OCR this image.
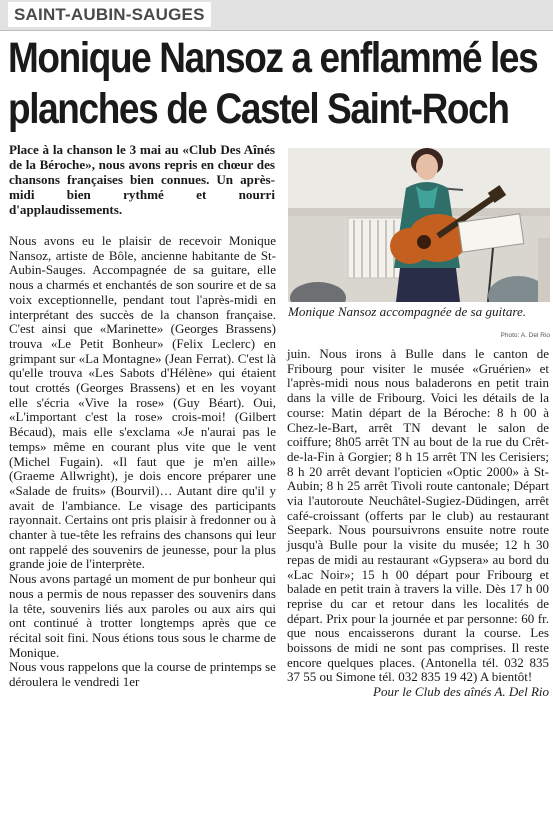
SAINT-AUBIN-SAUGES
Monique Nansoz a enflammé les
planches de Castel Saint-Roch
Place à la chanson le 3 mai au «Club Des Aînés de la Béroche», nous avons repris en chœur des chansons françaises bien connues. Un après-midi bien rythmé et nourri d'applaudissements.

Nous avons eu le plaisir de recevoir Monique Nansoz, artiste de Bôle, ancienne habitante de St-Aubin-Sauges. Accompagnée de sa guitare, elle nous a charmés et enchantés de son sourire et de sa voix exceptionnelle, pendant tout l'après-midi en interprétant des succès de la chanson française. C'est ainsi que «Marinette» (Georges Brassens) trouva «Le Petit Bonheur» (Felix Leclerc) en grimpant sur «La Montagne» (Jean Ferrat). C'est là qu'elle trouva «Les Sabots d'Hélène» qui étaient tout crottés (Georges Brassens) et en les voyant elle s'écria «Vive la rose» (Guy Béart). Oui, «L'important c'est la rose» crois-moi! (Gilbert Bécaud), mais elle s'exclama «Je n'aurai pas le temps» même en courant plus vite que le vent (Michel Fugain). «Il faut que je m'en aille» (Graeme Allwright), je dois encore préparer une «Salade de fruits» (Bourvil)… Autant dire qu'il y avait de l'ambiance. Le visage des participants rayonnait. Certains ont pris plaisir à fredonner ou à chanter à tue-tête les refrains des chansons qui leur ont rappelé des souvenirs de jeunesse, pour la plus grande joie de l'interprète.

Nous avons partagé un moment de pur bonheur qui nous a permis de nous repasser des souvenirs dans la tête, souvenirs liés aux paroles ou aux airs qui ont continué à trotter longtemps après que ce récital soit fini. Nous étions tous sous le charme de Monique.

Nous vous rappelons que la course de printemps se déroulera le vendredi 1er

Monique Nansoz accompagnée de sa guitare.
Photo: A. Del Rio

juin. Nous irons à Bulle dans le canton de Fribourg pour visiter le musée «Gruérien» et l'après-midi nous nous baladerons en petit train dans la ville de Fribourg. Voici les détails de la course: Matin départ de la Béroche: 8 h 00 à Chez-le-Bart, arrêt TN devant le salon de coiffure; 8h05 arrêt TN au bout de la rue du Crêt-de-la-Fin à Gorgier; 8 h 15 arrêt TN les Cerisiers; 8 h 20 arrêt devant l'opticien «Optic 2000» à St-Aubin; 8 h 25 arrêt Tivoli route cantonale; Départ via l'autoroute Neuchâtel-Sugiez-Düdingen, arrêt café-croissant (offerts par le club) au restaurant Seepark. Nous poursuivrons ensuite notre route jusqu'à Bulle pour la visite du musée; 12 h 30 repas de midi au restaurant «Gypsera» au bord du «Lac Noir»; 15 h 00 départ pour Fribourg et balade en petit train à travers la ville. Dès 17 h 00 reprise du car et retour dans les localités de départ. Prix pour la journée et par personne: 60 fr. que nous encaisserons durant la course. Les boissons de midi ne sont pas comprises. Il reste encore quelques places. (Antonella tél. 032 835 37 55 ou Simone tél. 032 835 19 42) A bientôt!

Pour le Club des aînés A. Del Rio
